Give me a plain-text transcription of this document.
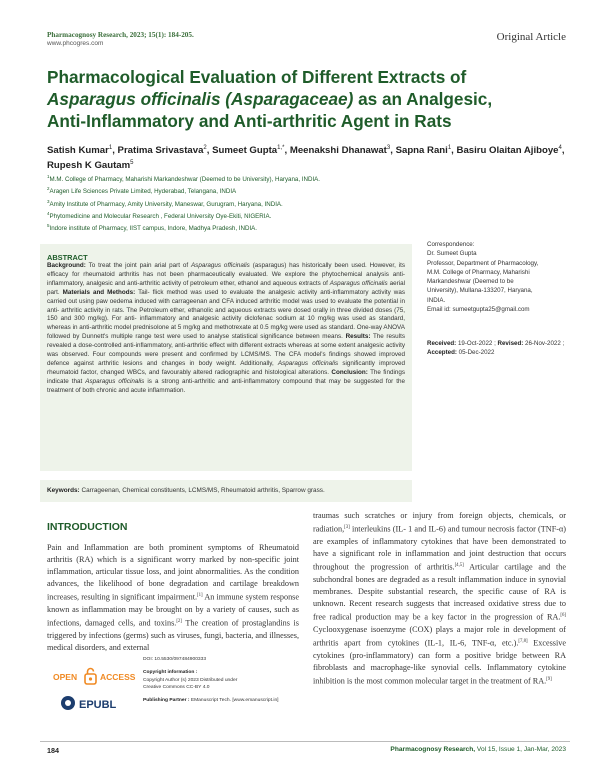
Pharmacognosy Research, 2023; 15(1): 184-205.
www.phcogres.com
Original Article
Pharmacological Evaluation of Different Extracts of
Asparagus officinalis (Asparagaceae) as an Analgesic,
Anti-Inflammatory and Anti-arthritic Agent in Rats
Satish Kumar$^1$, Pratima Srivastava$^2$, Sumeet Gupta$^{1,*}$, Meenakshi Dhanawat$^3$, Sapna Rani$^1$, Basiru Olaitan Ajiboye$^4$, Rupesh K Gautam$^5$
$^1$M.M. College of Pharmacy, Maharishi Markandeshwar (Deemed to be University), Haryana, INDIA.
$^2$Aragen Life Sciences Private Limited, Hyderabad, Telangana, INDIA
$^3$Amity Institute of Pharmacy, Amity University, Maneswar, Gurugram, Haryana, INDIA.
$^4$Phytomedicine and Molecular Research , Federal University Oye-Ekiti, NIGERIA.
$^5$Indore institute of Pharmacy, IIST campus, Indore, Madhya Pradesh, INDIA.
ABSTRACT
Background: To treat the joint pain arial part of Asparagus officinalis (asparagus) has historically been used. However, its efficacy for rheumatoid arthritis has not been pharmaceutically evaluated. We explore the phytochemical analysis anti-inflammatory, analgesic and anti-arthritic activity of petroleum ether, ethanol and aqueous extracts of Asparagus officinalis aerial part. Materials and Methods: Tail- flick method was used to evaluate the analgesic activity anti-inflammatory activity was carried out using paw oedema induced with carrageenan and CFA induced arthritic model was used to evaluate the potential in anti- arthritic activity in rats. The Petroleum ether, ethanolic and aqueous extracts were dosed orally in three divided doses (75, 150 and 300 mg/kg). For anti- inflammatory and analgesic activity diclofenac sodium at 10 mg/kg was used as standard, whereas in anti-arthritic model prednisolone at 5 mg/kg and methotrexate at 0.5 mg/kg were used as standard. One-way ANOVA followed by Dunnett's multiple range test were used to analyse statistical significance between means. Results: The results revealed a dose-controlled anti-inflammatory, anti-arthritic effect with different extracts whereas at some extent analgesic activity was observed. Four compounds were present and confirmed by LCMS/MS. The CFA model's findings showed improved defence against arthritic lesions and changes in body weight. Additionally, Asparagus officinalis significantly improved rheumatoid factor, changed WBCs, and favourably altered radiographic and histological alterations. Conclusion: The findings indicate that Asparagus officinalis is a strong anti-arthritic and anti-inflammatory compound that may be suggested for the treatment of both chronic and acute inflammation.
Keywords: Carrageenan, Chemical constituents, LCMS/MS, Rheumatoid arthritis, Sparrow grass.
Correspondence:
Dr. Sumeet Gupta
Professor, Department of Pharmacology,
M.M. College of Pharmacy, Maharishi
Markandeshwar (Deemed to be
University), Mullana-133207, Haryana,
INDIA.
Email id: sumeetgupta25@gmail.com
Received: 19-Oct-2022 ; Revised: 26-Nov-2022 ; Accepted: 05-Dec-2022
INTRODUCTION
Pain and Inflammation are both prominent symptoms of Rheumatoid arthritis (RA) which is a significant worry marked by non-specific joint inflammation, articular tissue loss, and joint abnormalities. As the condition advances, the likelihood of bone degradation and cartilage breakdown increases, resulting in significant impairment.[1] An immune system response known as inflammation may be brought on by a variety of causes, such as infections, damaged cells, and toxins.[2] The creation of prostaglandins is triggered by infections (germs) such as viruses, fungi, bacteria, and illnesses, medical disorders, and external
traumas such scratches or injury from foreign objects, chemicals, or radiation,[3] interleukins (IL- 1 and IL-6) and tumour necrosis factor (TNF-α) are examples of inflammatory cytokines that have been demonstrated to have a significant role in inflammation and joint destruction that occurs throughout the progression of arthritis.[4,5] Articular cartilage and the subchondral bones are degraded as a result inflammation induce in synovial membranes. Despite substantial research, the specific cause of RA is unknown. Recent research suggests that increased oxidative stress due to free radical production may be a key factor in the progression of RA.[6] Cyclooxygenase isoenzyme (COX) plays a major role in development of arthritis apart from cytokines (IL-1, IL-6, TNF-α, etc.).[7,8] Excessive cytokines (pro-inflammatory) can form a positive bridge between RA fibroblasts and macrophage-like synovial cells. Inflammatory cytokine inhibition is the most common molecular target in the treatment of RA.[9]
OPEN	ACCESS
EPUBL
DOI: 10.5530/097484900333
Copyright information :
Copyright Author (s) 2023 Distributed under
Creative Commons CC-BY 4.0
Publishing Partner : EManuscript Tech. [www.emanuscript.in]
184	Pharmacognosy Research, Vol 15, Issue 1, Jan-Mar, 2023
